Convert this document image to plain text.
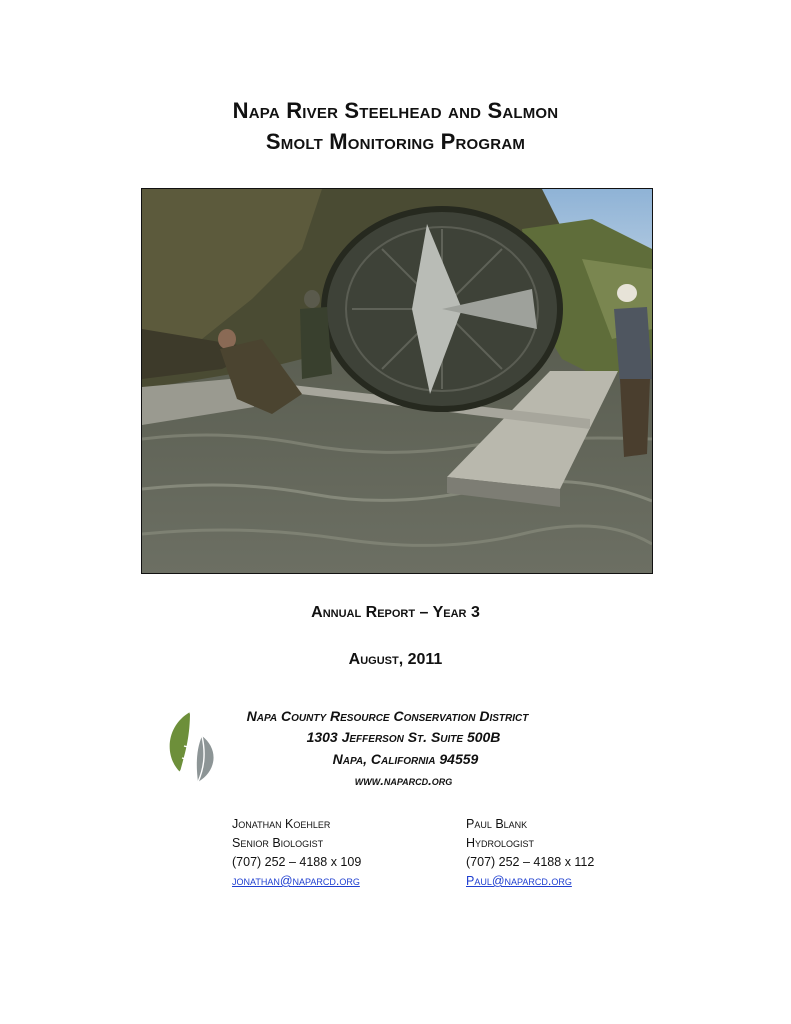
Napa River Steelhead and Salmon
Smolt Monitoring Program
Annual Report – Year 3
August, 2011
Napa County Resource Conservation District
1303 Jefferson St. Suite 500B
Napa, California 94559
www.naparcd.org
Jonathan Koehler
Senior Biologist
(707) 252 – 4188 x 109
jonathan@naparcd.org
Paul Blank
Hydrologist
(707) 252 – 4188 x 112
Paul@naparcd.org
